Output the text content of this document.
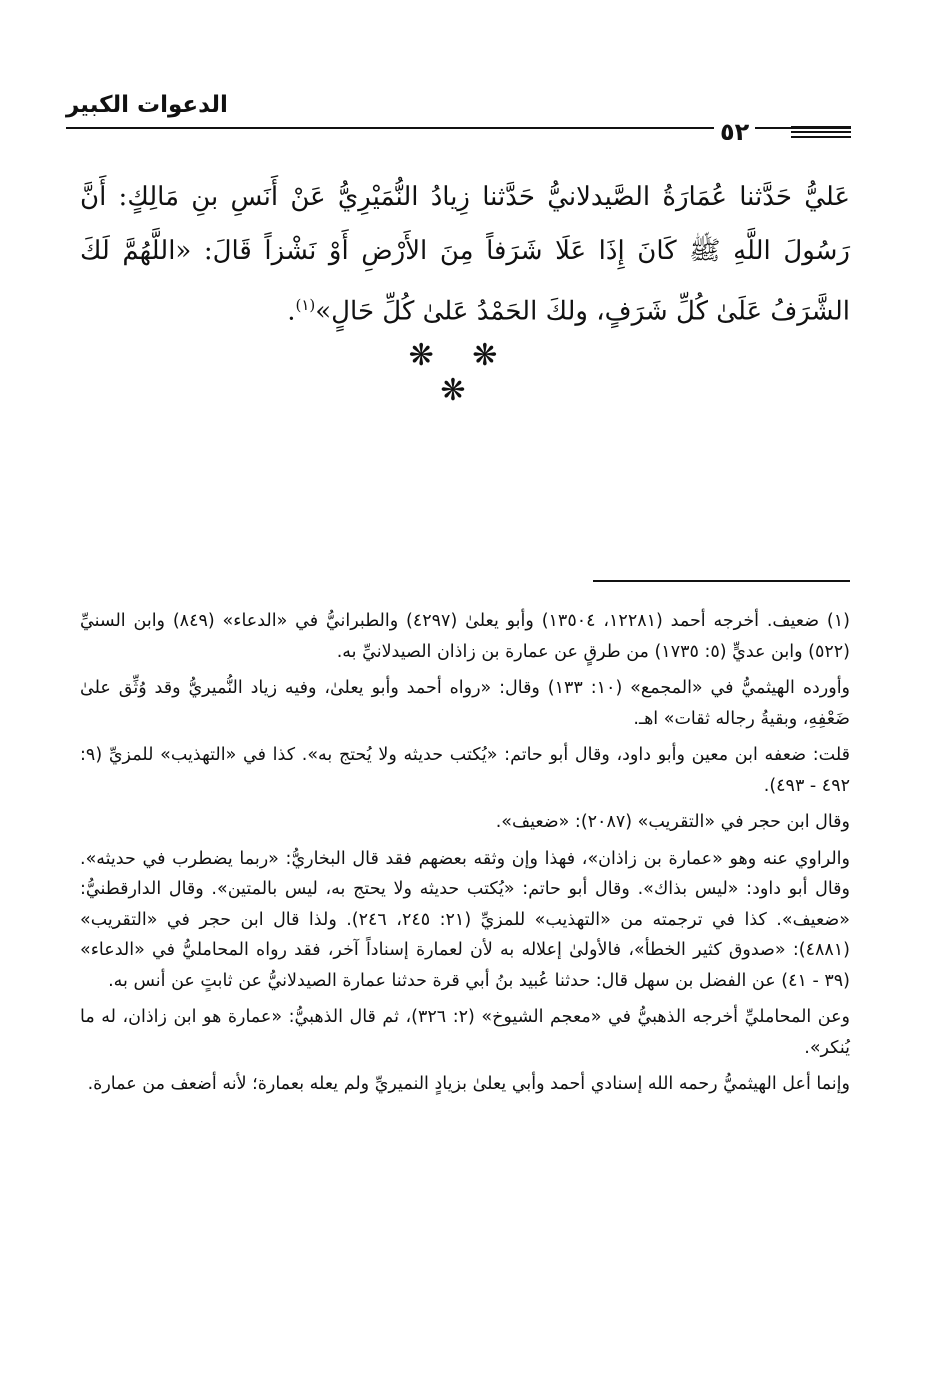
الدعوات الكبير
٥٢
عَليُّ حَدَّثنا عُمَارَةُ الصَّيدلانيُّ حَدَّثنا زِيادُ النُّمَيْرِيُّ عَنْ أَنَسِ بنِ مَالِكٍ: أَنَّ رَسُولَ اللَّهِ ﷺ كَانَ إِذَا عَلَا شَرَفاً مِنَ الأَرْضِ أَوْ نَشْزاً قَالَ: «اللَّهُمَّ لَكَ الشَّرَفُ عَلَىٰ كُلِّ شَرَفٍ، ولكَ الحَمْدُ عَلىٰ كُلِّ حَالٍ»$^{(١)}$.
❋ ❋ ❋

(١) ضعيف. أخرجه أحمد (١٢٢٨١، ١٣٥٠٤) وأبو يعلىٰ (٤٢٩٧) والطبرانيُّ في «الدعاء» (٨٤٩) وابن السنيِّ (٥٢٢) وابن عديٍّ (٥: ١٧٣٥) من طرقٍ عن عمارة بن زاذان الصيدلانيِّ به.

وأورده الهيثميُّ في «المجمع» (١٠: ١٣٣) وقال: «رواه أحمد وأبو يعلىٰ، وفيه زياد النُّميريُّ وقد وُثِّق علىٰ ضَعْفِهِ، وبقيةُ رجاله ثقات» اهـ.

قلت: ضعفه ابن معين وأبو داود، وقال أبو حاتم: «يُكتب حديثه ولا يُحتج به». كذا في «التهذيب» للمزيِّ (٩: ٤٩٢ - ٤٩٣).

وقال ابن حجر في «التقريب» (٢٠٨٧): «ضعيف».

والراوي عنه وهو «عمارة بن زاذان»، فهذا وإن وثقه بعضهم فقد قال البخاريُّ: «ربما يضطرب في حديثه». وقال أبو داود: «ليس بذاك». وقال أبو حاتم: «يُكتب حديثه ولا يحتج به، ليس بالمتين». وقال الدارقطنيُّ: «ضعيف». كذا في ترجمته من «التهذيب» للمزيِّ (٢١: ٢٤٥، ٢٤٦). ولذا قال ابن حجر في «التقريب» (٤٨٨١): «صدوق كثير الخطأ»، فالأولىٰ إعلاله به لأن لعمارة إسناداً آخر، فقد رواه المحامليُّ في «الدعاء» (٣٩ - ٤١) عن الفضل بن سهل قال: حدثنا عُبيد بنُ أبي قرة حدثنا عمارة الصيدلانيُّ عن ثابتٍ عن أنس به.

وعن المحامليِّ أخرجه الذهبيُّ في «معجم الشيوخ» (٢: ٣٢٦)، ثم قال الذهبيُّ: «عمارة هو ابن زاذان، له ما يُنكر».

وإنما أعل الهيثميُّ رحمه الله إسنادي أحمد وأبي يعلىٰ بزيادٍ النميريِّ ولم يعله بعمارة؛ لأنه أضعف من عمارة.
